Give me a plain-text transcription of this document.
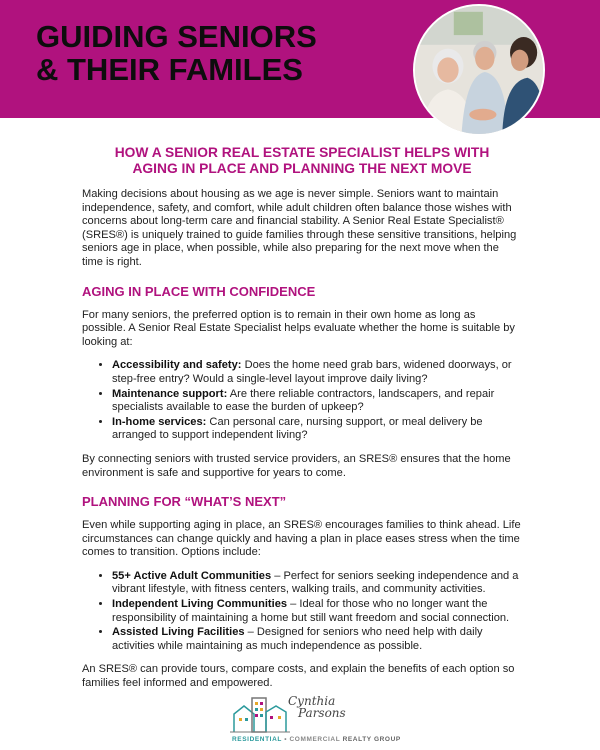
GUIDING SENIORS
& THEIR FAMILES
HOW A SENIOR REAL ESTATE SPECIALIST HELPS WITH
AGING IN PLACE AND PLANNING THE NEXT MOVE

Making decisions about housing as we age is never simple. Seniors want to maintain independence, safety, and comfort, while adult children often balance those wishes with concerns about long-term care and financial stability. A Senior Real Estate Specialist® (SRES®) is uniquely trained to guide families through these sensitive transitions, helping seniors age in place, when possible, while also preparing for the next move when the time is right.

AGING IN PLACE WITH CONFIDENCE

For many seniors, the preferred option is to remain in their own home as long as possible. A Senior Real Estate Specialist helps evaluate whether the home is suitable by looking at:

• Accessibility and safety: Does the home need grab bars, widened doorways, or step-free entry? Would a single-level layout improve daily living?
• Maintenance support: Are there reliable contractors, landscapers, and repair specialists available to ease the burden of upkeep?
• In-home services: Can personal care, nursing support, or meal delivery be arranged to support independent living?

By connecting seniors with trusted service providers, an SRES® ensures that the home environment is safe and supportive for years to come.

PLANNING FOR “WHAT’S NEXT”

Even while supporting aging in place, an SRES® encourages families to think ahead. Life circumstances can change quickly and having a plan in place eases stress when the time comes to transition. Options include:

• 55+ Active Adult Communities – Perfect for seniors seeking independence and a vibrant lifestyle, with fitness centers, walking trails, and community activities.
• Independent Living Communities – Ideal for those who no longer want the responsibility of maintaining a home but still want freedom and social connection.
• Assisted Living Facilities – Designed for seniors who need help with daily activities while maintaining as much independence as possible.

An SRES® can provide tours, compare costs, and explain the benefits of each option so families feel informed and empowered.

Cynthia
Parsons
RESIDENTIAL • COMMERCIAL REALTY GROUP
